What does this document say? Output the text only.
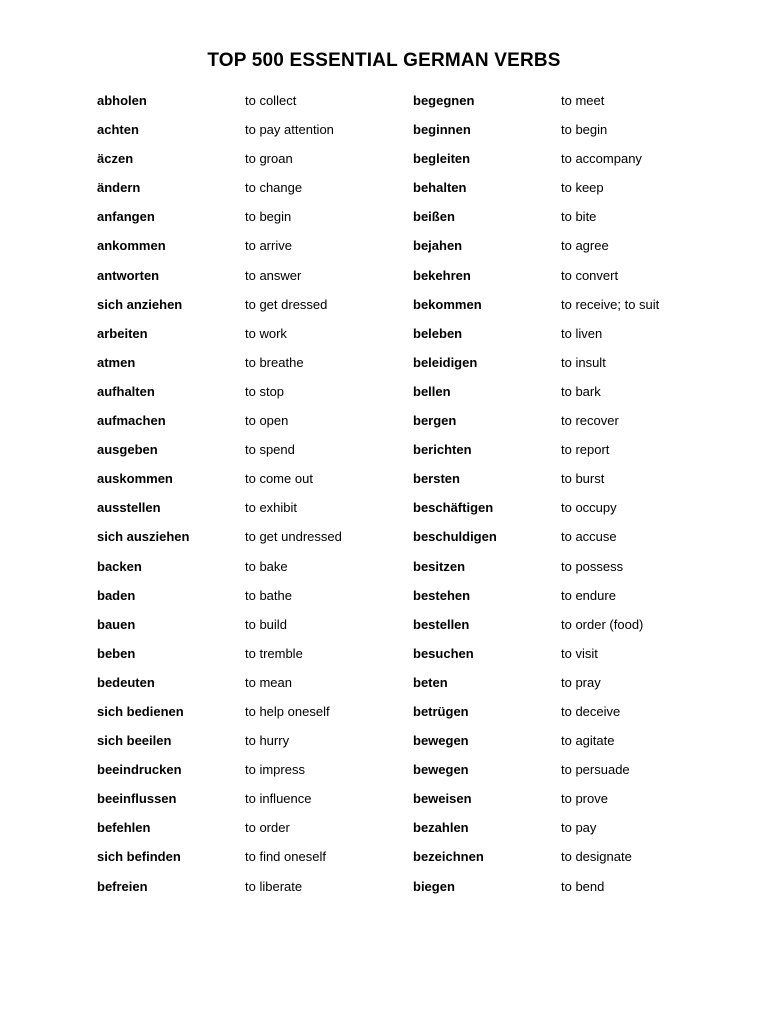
TOP 500 ESSENTIAL GERMAN VERBS
abholen	to collect	begegnen	to meet
achten	to pay attention	beginnen	to begin
äczen	to groan	begleiten	to accompany
ändern	to change	behalten	to keep
anfangen	to begin	beißen	to bite
ankommen	to arrive	bejahen	to agree
antworten	to answer	bekehren	to convert
sich anziehen	to get dressed	bekommen	to receive; to suit
arbeiten	to work	beleben	to liven
atmen	to breathe	beleidigen	to insult
aufhalten	to stop	bellen	to bark
aufmachen	to open	bergen	to recover
ausgeben	to spend	berichten	to report
auskommen	to come out	bersten	to burst
ausstellen	to exhibit	beschäftigen	to occupy
sich ausziehen	to get undressed	beschuldigen	to accuse
backen	to bake	besitzen	to possess
baden	to bathe	bestehen	to endure
bauen	to build	bestellen	to order (food)
beben	to tremble	besuchen	to visit
bedeuten	to mean	beten	to pray
sich bedienen	to help oneself	betrügen	to deceive
sich beeilen	to hurry	bewegen	to agitate
beeindrucken	to impress	bewegen	to persuade
beeinflussen	to influence	beweisen	to prove
befehlen	to order	bezahlen	to pay
sich befinden	to find oneself	bezeichnen	to designate
befreien	to liberate	biegen	to bend
